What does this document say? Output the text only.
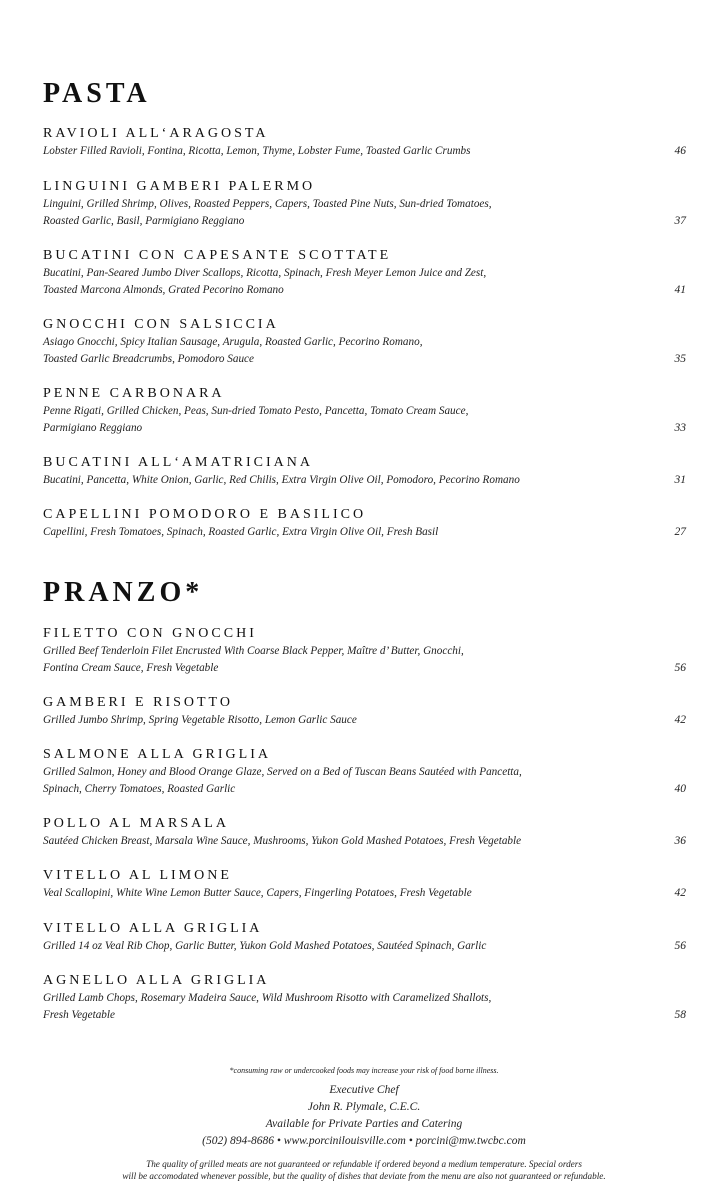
PASTA
RAVIOLI ALL‘ARAGOSTA
Lobster Filled Ravioli, Fontina, Ricotta, Lemon, Thyme, Lobster Fume, Toasted Garlic Crumbs	46
LINGUINI GAMBERI PALERMO
Linguini, Grilled Shrimp, Olives, Roasted Peppers, Capers, Toasted Pine Nuts, Sun-dried Tomatoes,
Roasted Garlic, Basil, Parmigiano Reggiano	37
BUCATINI CON CAPESANTE SCOTTATE
Bucatini, Pan-Seared Jumbo Diver Scallops, Ricotta, Spinach, Fresh Meyer Lemon Juice and Zest,
Toasted Marcona Almonds, Grated Pecorino Romano	41
GNOCCHI CON SALSICCIA
Asiago Gnocchi, Spicy Italian Sausage, Arugula, Roasted Garlic, Pecorino Romano,
Toasted Garlic Breadcrumbs, Pomodoro Sauce	35
PENNE CARBONARA
Penne Rigati, Grilled Chicken, Peas, Sun-dried Tomato Pesto, Pancetta, Tomato Cream Sauce,
Parmigiano Reggiano	33
BUCATINI ALL‘AMATRICIANA
Bucatini, Pancetta, White Onion, Garlic, Red Chilis, Extra Virgin Olive Oil, Pomodoro, Pecorino Romano	31
CAPELLINI POMODORO E BASILICO
Capellini, Fresh Tomatoes, Spinach, Roasted Garlic, Extra Virgin Olive Oil, Fresh Basil	27
PRANZO*
FILETTO CON GNOCCHI
Grilled Beef Tenderloin Filet Encrusted With Coarse Black Pepper, Maître d’ Butter, Gnocchi,
Fontina Cream Sauce, Fresh Vegetable	56
GAMBERI E RISOTTO
Grilled Jumbo Shrimp, Spring Vegetable Risotto, Lemon Garlic Sauce	42
SALMONE ALLA GRIGLIA
Grilled Salmon, Honey and Blood Orange Glaze, Served on a Bed of Tuscan Beans Sautéed with Pancetta,
Spinach, Cherry Tomatoes, Roasted Garlic	40
POLLO AL MARSALA
Sautéed Chicken Breast, Marsala Wine Sauce, Mushrooms, Yukon Gold Mashed Potatoes, Fresh Vegetable	36
VITELLO AL LIMONE
Veal Scallopini, White Wine Lemon Butter Sauce, Capers, Fingerling Potatoes, Fresh Vegetable	42
VITELLO ALLA GRIGLIA
Grilled 14 oz Veal Rib Chop, Garlic Butter, Yukon Gold Mashed Potatoes, Sautéed Spinach, Garlic	56
AGNELLO ALLA GRIGLIA
Grilled Lamb Chops, Rosemary Madeira Sauce, Wild Mushroom Risotto with Caramelized Shallots,
Fresh Vegetable	58
*consuming raw or undercooked foods may increase your risk of food borne illness.
Executive Chef
John R. Plymale, C.E.C.
Available for Private Parties and Catering
(502) 894-8686 • www.porcinilouisville.com • porcini@mw.twcbc.com
The quality of grilled meats are not guaranteed or refundable if ordered beyond a medium temperature. Special orders
will be accomodated whenever possible, but the quality of dishes that deviate from the menu are also not guaranteed or refundable.
